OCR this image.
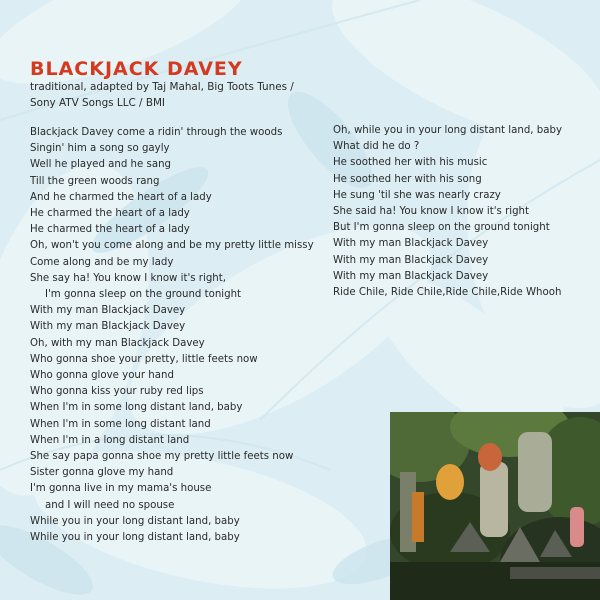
BLACKJACK DAVEY

traditional, adapted by Taj Mahal, Big Toots Tunes / Sony ATV Songs LLC / BMI

Blackjack Davey come a ridin' through the woods
Singin' him a song so gayly
Well he played and he sang
Till the green woods rang
And he charmed the heart of a lady
He charmed the heart of a lady
He charmed the heart of a lady
Oh, won't you come along and be my pretty little missy
Come along and be my lady
She say ha! You know I know it's right,
I'm gonna sleep on the ground tonight
With my man Blackjack Davey
With my man Blackjack Davey
Oh, with my man Blackjack Davey
Who gonna shoe your pretty, little feets now
Who gonna glove your hand
Who gonna kiss your ruby red lips
When I'm in some long distant land, baby
When I'm in some long distant land
When I'm in a long distant land
She say papa gonna shoe my pretty little feets now
Sister gonna glove my hand
I'm gonna live in my mama's house
and I will need no spouse
While you in your long distant land, baby
While you in your long distant land, baby
Oh, while you in your long distant land, baby
What did he do ?
He soothed her with his music
He soothed her with his song
He sung 'til she was nearly crazy
She said ha! You know I know it's right
But I'm gonna sleep on the ground tonight
With my man Blackjack Davey
With my man Blackjack Davey
With my man Blackjack Davey
Ride Chile, Ride Chile,Ride Chile,Ride Whooh
